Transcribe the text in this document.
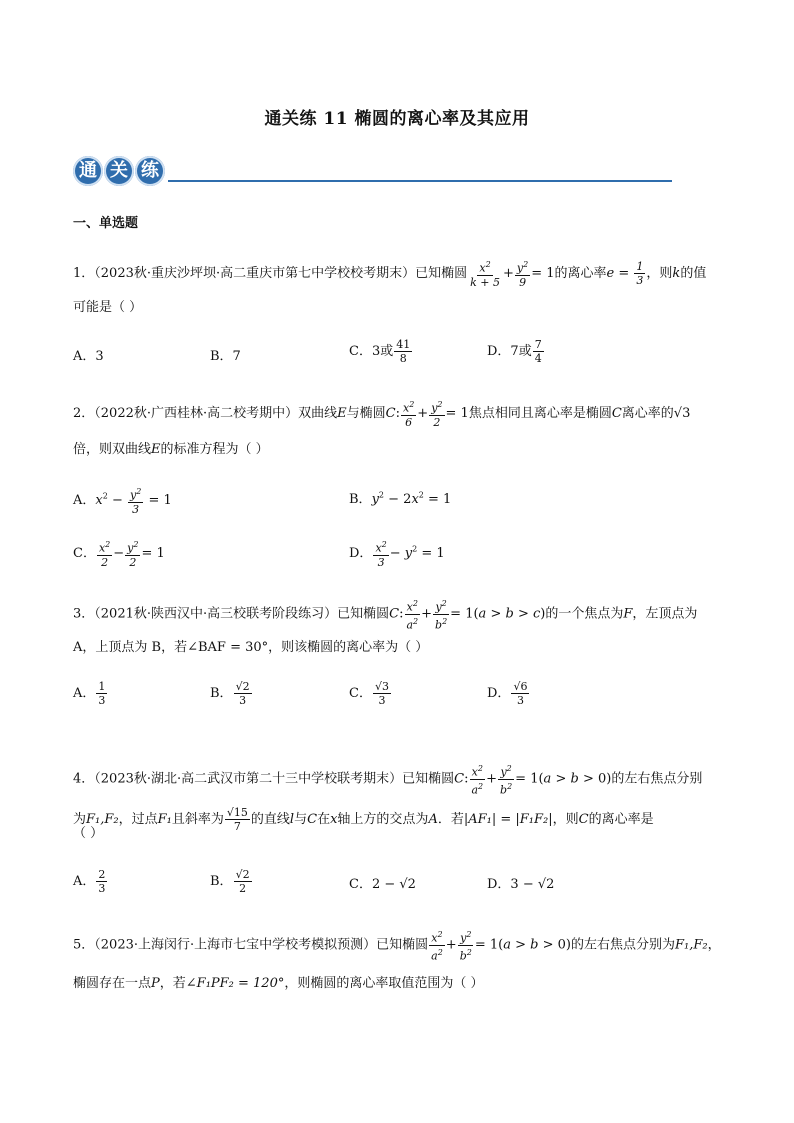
通关练 11 椭圆的离心率及其应用
通 关 练
一、单选题
1．（2023秋·重庆沙坪坝·高二重庆市第七中学校校考期末）已知椭圆 $\frac{x^2}{k + 5} + \frac{y^2}{9} = 1$的离心率$e = \frac{1}{3}$ ，则k的值
可能是（ ）
A．3	B．7	C．3或 $\frac{41}{8}$	D．7或 $\frac{7}{4}$
2．（2022秋·广西桂林·高二校考期中）双曲线E与椭圆C: $\frac{x^2}{6} + \frac{y^2}{2} = 1$焦点相同且离心率是椭圆C离心率的√3
倍，则双曲线E的标准方程为（ ）
A．$x^2 - \frac{y^2}{3} = 1$	B．$y^2 - 2x^2 = 1$
C． $\frac{x^2}{2} - \frac{y^2}{2} = 1$	D． $\frac{x^2}{3} - y^2 = 1$
3．（2021秋·陕西汉中·高三校联考阶段练习）已知椭圆C: $\frac{x^2}{a^2} + \frac{y^2}{b^2} = 1(a > b > c)$的一个焦点为F，左顶点为
A，上顶点为 B，若∠BAF = 30°，则该椭圆的离心率为（ ）
A． $\frac{1}{3}$	B． $\frac{√2}{3}$	C． $\frac{√3}{3}$	D． $\frac{√6}{3}$
4．（2023秋·湖北·高二武汉市第二十三中学校联考期末）已知椭圆C: $\frac{x^2}{a^2} + \frac{y^2}{b^2} = 1(a > b > 0)$的左右焦点分别
为F₁,F₂，过点F₁且斜率为 $\frac{√15}{7}$ 的直线l与C在x轴上方的交点为A．若|AF₁| = |F₁F₂|，则C的离心率是
（ ）
A． $\frac{2}{3}$	B． $\frac{√2}{2}$	C．2 − √2	D．3 − √2
5．（2023·上海闵行·上海市七宝中学校考模拟预测）已知椭圆 $\frac{x^2}{a^2} + \frac{y^2}{b^2} = 1(a > b > 0)$的左右焦点分别为F₁,F₂，
椭圆存在一点P，若∠F₁PF₂ = 120°，则椭圆的离心率取值范围为（ ）
